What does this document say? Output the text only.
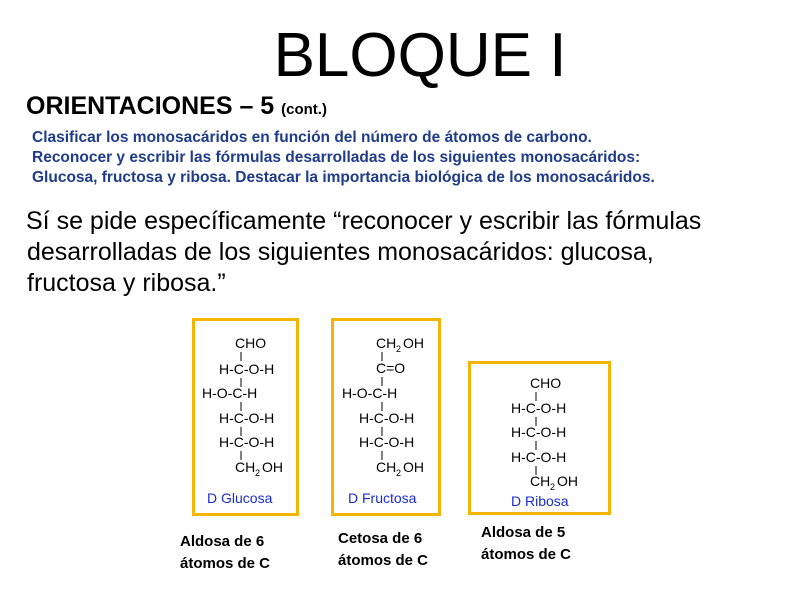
BLOQUE I
ORIENTACIONES – 5 (cont.)
Clasificar los monosacáridos en función del número de átomos de carbono.
Reconocer y escribir las fórmulas desarrolladas de los siguientes monosacáridos:
Glucosa, fructosa y ribosa. Destacar la importancia biológica de los monosacáridos.
Sí se pide específicamente “reconocer y escribir las fórmulas
desarrolladas de los siguientes monosacáridos: glucosa,
fructosa y ribosa.”
CHO
H-C-O-H
H-O-C-H
H-C-O-H
H-C-O-H
CH 2 OH
D Glucosa
CH 2 OH
C=O
H-O-C-H
H-C-O-H
H-C-O-H
CH 2 OH
D Fructosa
CHO
H-C-O-H
H-C-O-H
H-C-O-H
CH 2 OH
D Ribosa
Aldosa de 6
átomos de C
Cetosa de 6
átomos de C
Aldosa de 5
átomos de C
